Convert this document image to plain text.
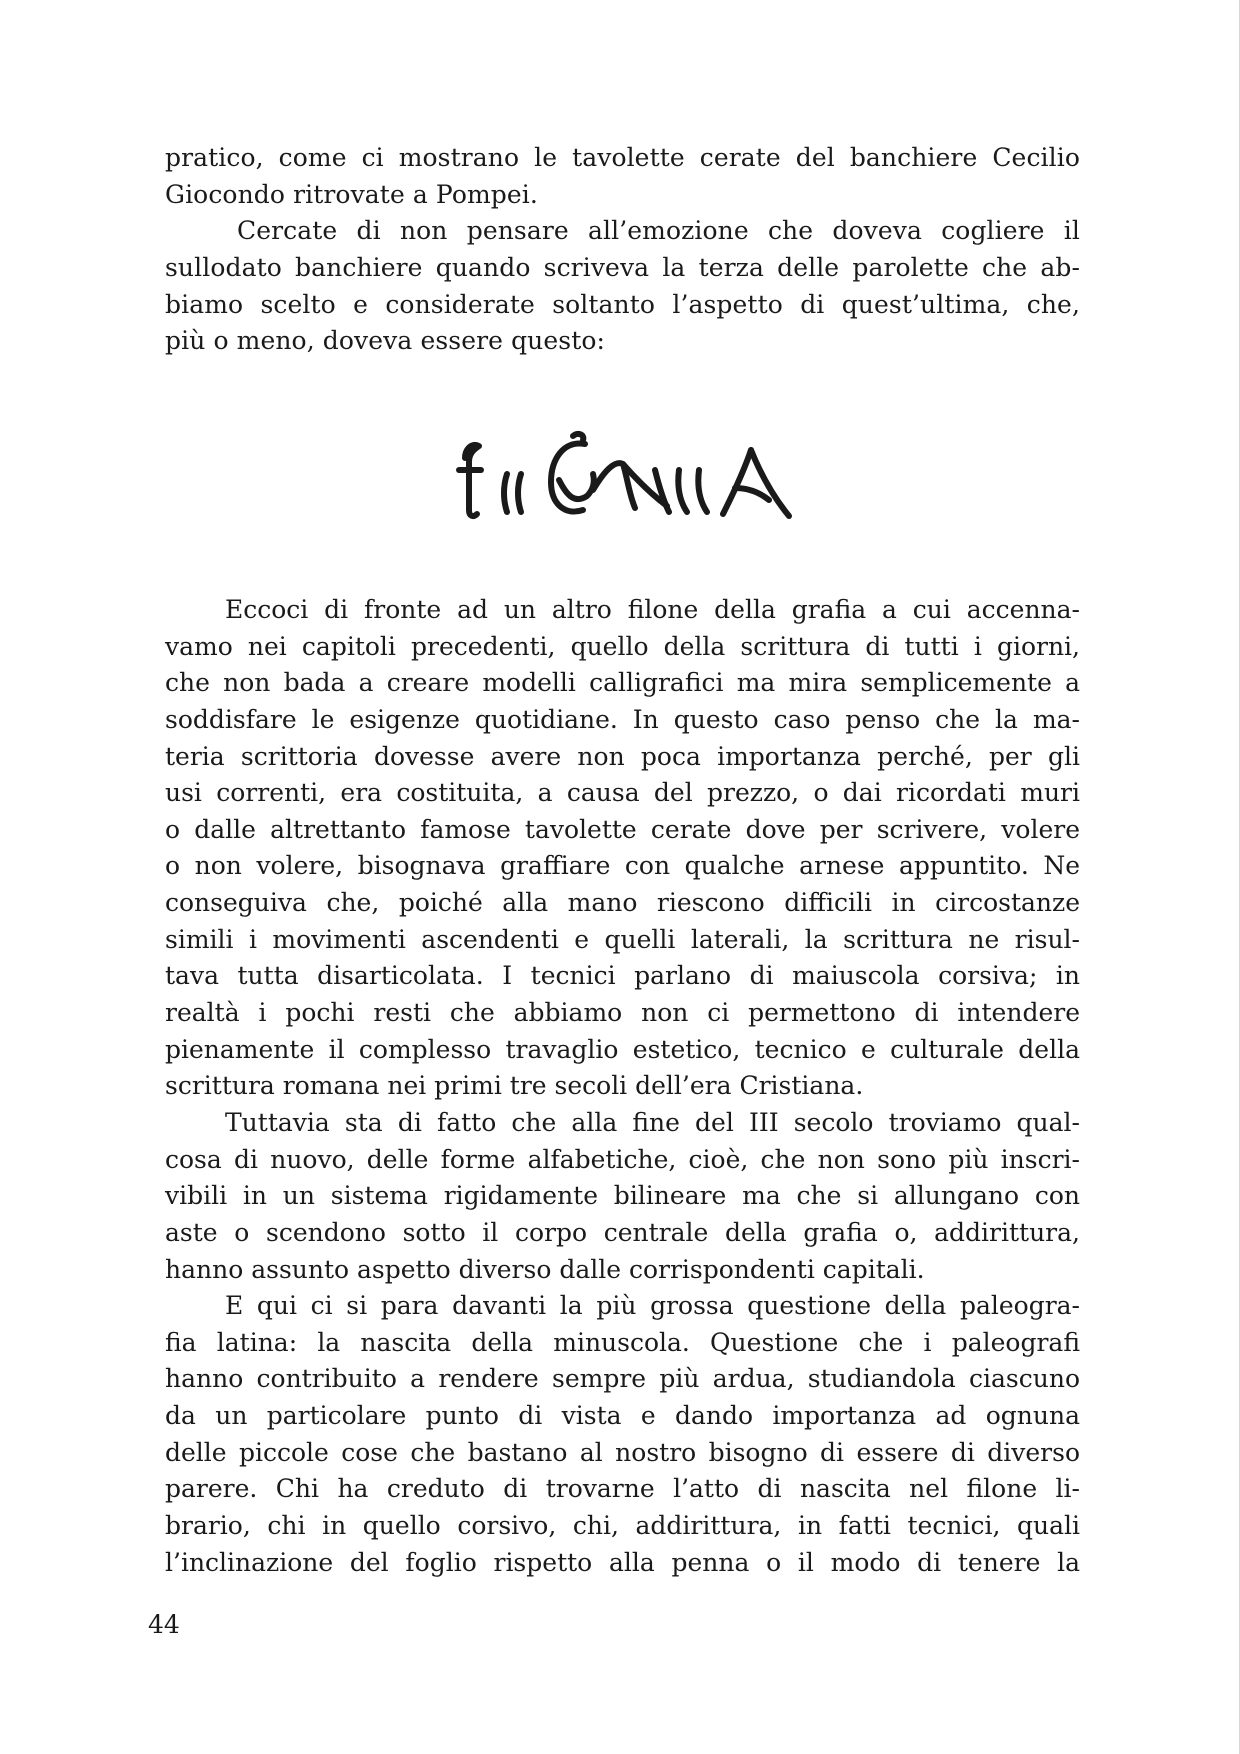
pratico, come ci mostrano le tavolette cerate del banchiere Cecilio
Giocondo ritrovate a Pompei.
Cercate di non pensare all’emozione che doveva cogliere il
sullodato banchiere quando scriveva la terza delle parolette che ab-
biamo scelto e considerate soltanto l’aspetto di quest’ultima, che,
più o meno, doveva essere questo:
Eccoci di fronte ad un altro filone della grafia a cui accenna-
vamo nei capitoli precedenti, quello della scrittura di tutti i giorni,
che non bada a creare modelli calligrafici ma mira semplicemente a
soddisfare le esigenze quotidiane. In questo caso penso che la ma-
teria scrittoria dovesse avere non poca importanza perché, per gli
usi correnti, era costituita, a causa del prezzo, o dai ricordati muri
o dalle altrettanto famose tavolette cerate dove per scrivere, volere
o non volere, bisognava graffiare con qualche arnese appuntito. Ne
conseguiva che, poiché alla mano riescono difficili in circostanze
simili i movimenti ascendenti e quelli laterali, la scrittura ne risul-
tava tutta disarticolata. I tecnici parlano di maiuscola corsiva; in
realtà i pochi resti che abbiamo non ci permettono di intendere
pienamente il complesso travaglio estetico, tecnico e culturale della
scrittura romana nei primi tre secoli dell’era Cristiana.
Tuttavia sta di fatto che alla fine del III secolo troviamo qual-
cosa di nuovo, delle forme alfabetiche, cioè, che non sono più inscri-
vibili in un sistema rigidamente bilineare ma che si allungano con
aste o scendono sotto il corpo centrale della grafia o, addirittura,
hanno assunto aspetto diverso dalle corrispondenti capitali.
E qui ci si para davanti la più grossa questione della paleogra-
fia latina: la nascita della minuscola. Questione che i paleografi
hanno contribuito a rendere sempre più ardua, studiandola ciascuno
da un particolare punto di vista e dando importanza ad ognuna
delle piccole cose che bastano al nostro bisogno di essere di diverso
parere. Chi ha creduto di trovarne l’atto di nascita nel filone li-
brario, chi in quello corsivo, chi, addirittura, in fatti tecnici, quali
l’inclinazione del foglio rispetto alla penna o il modo di tenere la
44
